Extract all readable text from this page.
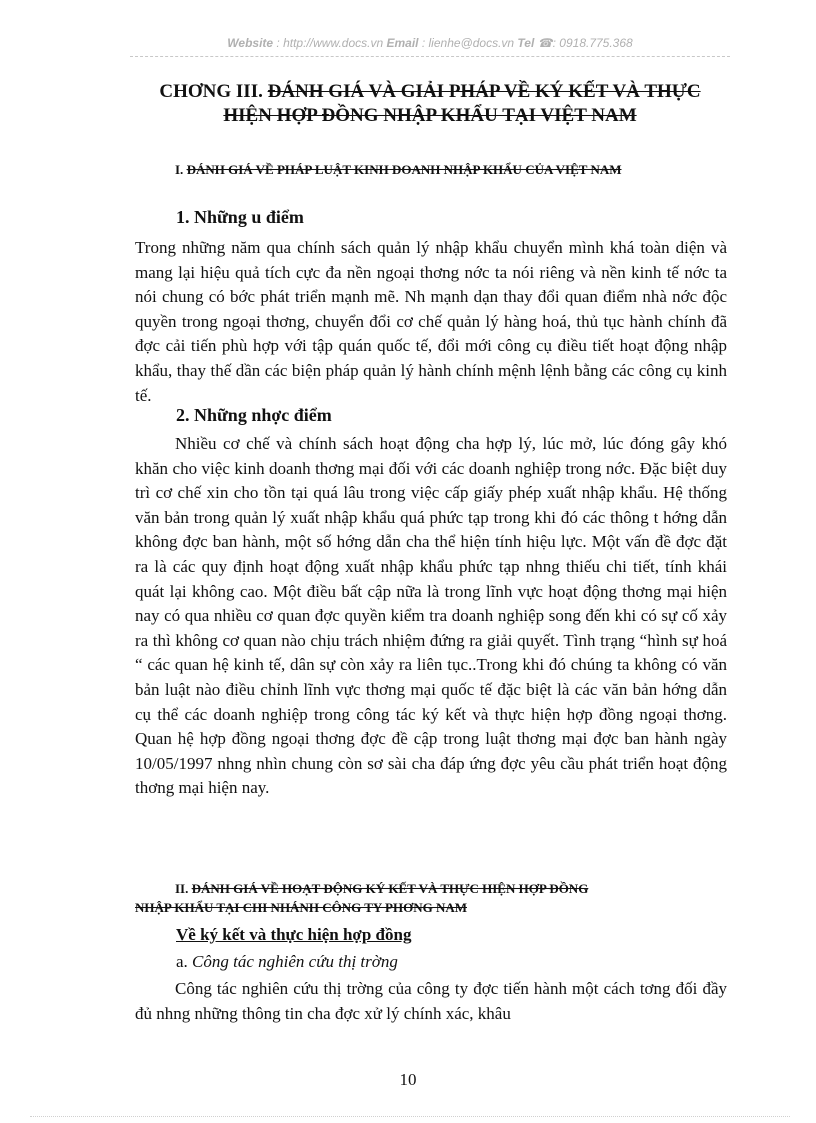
Website : http://www.docs.vn Email : lienhe@docs.vn Tel ☎: 0918.775.368
CHƠNG III. ĐÁNH GIÁ VÀ GIẢI PHÁP VỀ KÝ KẾT VÀ THỰC
HIỆN HỢP ĐỒNG NHẬP KHẨU TẠI VIỆT NAM
I. ĐÁNH GIÁ VỀ PHÁP LUẬT KINH DOANH NHẬP KHẨU CỦA VIỆT NAM
1. Những u điểm

Trong những năm qua chính sách quản lý nhập khẩu chuyển mình khá toàn diện và mang lại hiệu quả tích cực đa nền ngoại thơng nớc ta nói riêng và nền kinh tế nớc ta nói chung có bớc phát triển mạnh mẽ. Nh mạnh dạn thay đổi quan điểm nhà nớc độc quyền trong ngoại thơng, chuyển đổi cơ chế quản lý hàng hoá, thủ tục hành chính đã đợc cải tiến phù hợp với tập quán quốc tế, đổi mới công cụ điều tiết hoạt động nhập khẩu, thay thế dần các biện pháp quản lý hành chính mệnh lệnh bằng các công cụ kinh tế.

2. Những nhợc điểm

Nhiều cơ chế và chính sách hoạt động cha hợp lý, lúc mở, lúc đóng gây khó khăn cho việc kinh doanh thơng mại đối với các doanh nghiệp trong nớc. Đặc biệt duy trì cơ chế xin cho tồn tại quá lâu trong việc cấp giấy phép xuất nhập khẩu. Hệ thống văn bản trong quản lý xuất nhập khẩu quá phức tạp trong khi đó các thông t hớng dẫn không đợc ban hành, một số hớng dẫn cha thể hiện tính hiệu lực. Một vấn đề đợc đặt ra là các quy định hoạt động xuất nhập khẩu phức tạp nhng thiếu chi tiết, tính khái quát lại không cao. Một điều bất cập nữa là trong lĩnh vực hoạt động thơng mại hiện nay có qua nhiều cơ quan đợc quyền kiểm tra doanh nghiệp song đến khi có sự cố xảy ra thì không cơ quan nào chịu trách nhiệm đứng ra giải quyết. Tình trạng “hình sự hoá “ các quan hệ kinh tế, dân sự còn xảy ra liên tục..Trong khi đó chúng ta không có văn bản luật nào điều chỉnh lĩnh vực thơng mại quốc tế đặc biệt là các văn bản hớng dẫn cụ thể các doanh nghiệp trong công tác ký kết và thực hiện hợp đồng ngoại thơng. Quan hệ hợp đồng ngoại thơng đợc đề cập trong luật thơng mại đợc ban hành ngày 10/05/1997 nhng nhìn chung còn sơ sài cha đáp ứng đợc yêu cầu phát triển hoạt động thơng mại hiện nay.

II. ĐÁNH GIÁ VỀ HOẠT ĐỘNG KÝ KẾT VÀ THỰC HIỆN HỢP ĐỒNG
NHẬP KHẨU TẠI CHI NHÁNH CÔNG TY PHƠNG NAM
Về ký kết và thực hiện hợp đồng
a. Công tác nghiên cứu thị trờng

Công tác nghiên cứu thị trờng của công ty đợc tiến hành một cách tơng đối đầy đủ nhng những thông tin cha đợc xử lý chính xác, khâu

10
